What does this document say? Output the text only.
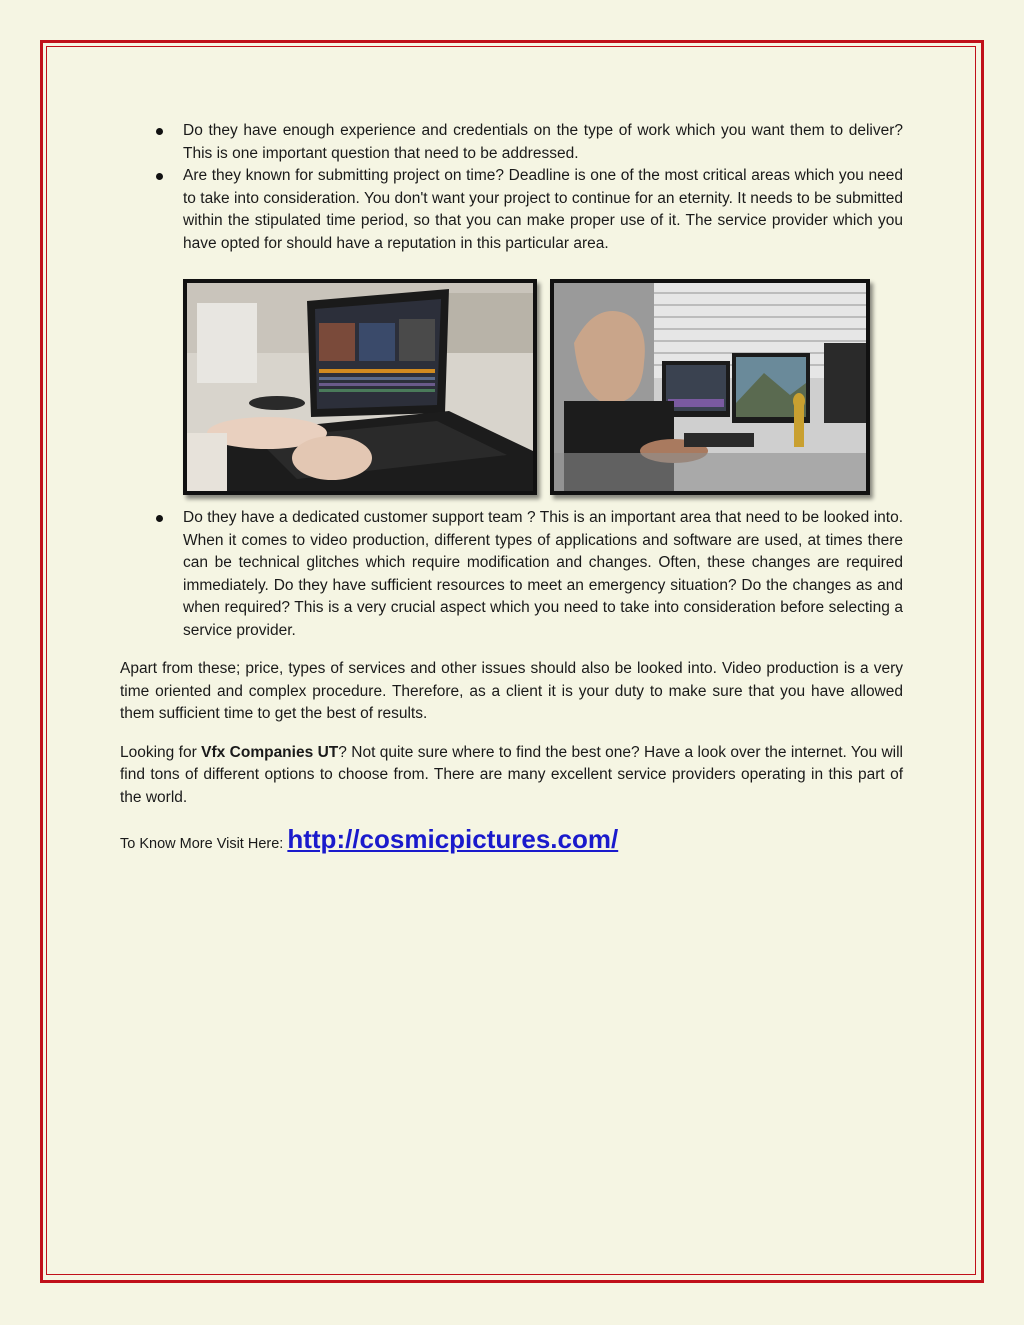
Do they have enough experience and credentials on the type of work which you want them to deliver? This is one important question that need to be addressed.
Are they known for submitting project on time? Deadline is one of the most critical areas which you need to take into consideration. You don't want your project to continue for an eternity. It needs to be submitted within the stipulated time period, so that you can make proper use of it. The service provider which you have opted for should have a reputation in this particular area.
Do they have a dedicated customer support team ? This is an important area that need to be looked into. When it comes to video production, different types of applications and software are used, at times there can be technical glitches which require modification and changes. Often, these changes are required immediately. Do they have sufficient resources to meet an emergency situation? Do the changes as and when required? This is a very crucial aspect which you need to take into consideration before selecting a service provider.

Apart from these; price, types of services and other issues should also be looked into. Video production is a very time oriented and complex procedure. Therefore, as a client it is your duty to make sure that you have allowed them sufficient time to get the best of results.

Looking for Vfx Companies UT? Not quite sure where to find the best one? Have a look over the internet. You will find tons of different options to choose from. There are many excellent service providers operating in this part of the world.

To Know More Visit Here: http://cosmicpictures.com/
